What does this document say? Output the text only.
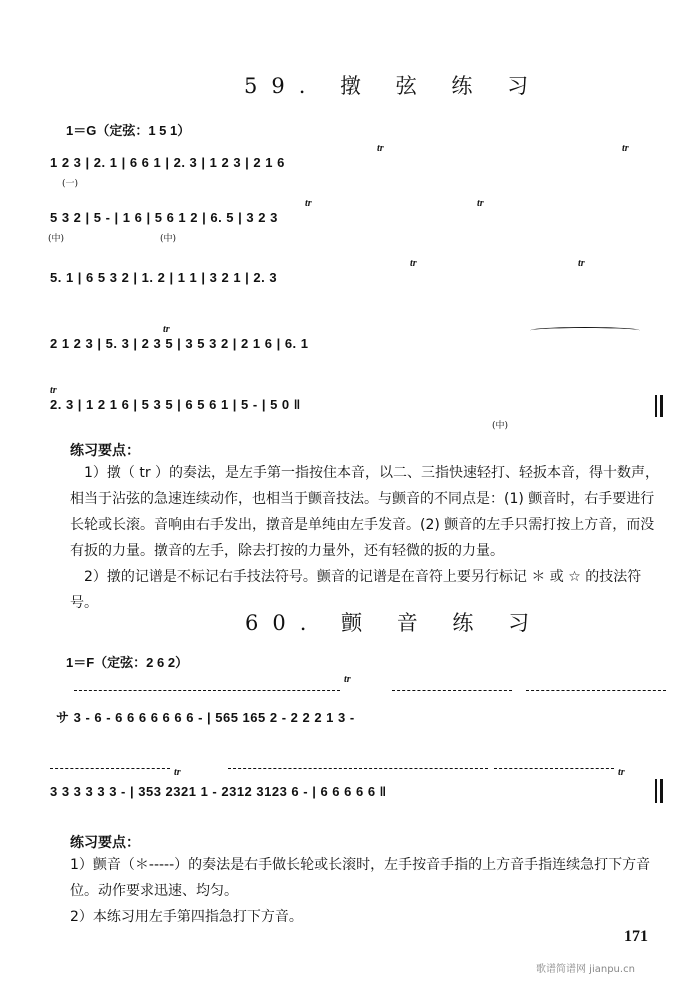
59. 撴 弦 练 习
1＝G（定弦：1 5 1）
1 2 3 | 2. 1 | 6 6 1 | 2. 3 | 1 2 3 | 2 1 6
5 3 2 | 5 - | 1 6 | 5 6 1 2 | 6. 5 | 3 2 3
5. 1 | 6 5 3 2 | 1. 2 | 1 1 | 3 2 1 | 2. 3
2 1 2 3 | 5. 3 | 2 3 5 | 3 5 3 2 | 2 1 6 | 6. 1
2. 3 | 1 2 1 6 | 5 3 5 | 6 5 6 1 | 5 - | 5 0 ‖
tr	tr
tr	tr
tr	tr
tr
tr
(一)
(中)	(中)
(中)
练习要点：

1）撴（ tr ）的奏法，是左手第一指按住本音，以二、三指快速轻打、轻扳本音，得十数声，相当于沾弦的急速连续动作，也相当于颤音技法。与颤音的不同点是：(1) 颤音时，右手要进行长轮或长滚。音响由右手发出，撴音是单纯由左手发音。(2) 颤音的左手只需打按上方音，而没有扳的力量。撴音的左手，除去打按的力量外，还有轻微的扳的力量。

2）撴的记谱是不标记右手技法符号。颤音的记谱是在音符上要另行标记 ＊ 或 ☆ 的技法符号。

60. 颤 音 练 习
1＝F（定弦：2 6 2）
サ 3 - 6 - 6 6 6 6 6 6 6 - | 565 165 2 - 2 2 2 1 3 -
3 3 3 3 3 3 - | 353 2321 1 - 2312 3123 6 - | 6 6 6 6 6 ‖
tr
tr	tr
练习要点：

1）颤音（＊-----）的奏法是右手做长轮或长滚时，左手按音手指的上方音手指连续急打下方音位。动作要求迅速、均匀。

2）本练习用左手第四指急打下方音。

171
歌谱简谱网 jianpu.cn
